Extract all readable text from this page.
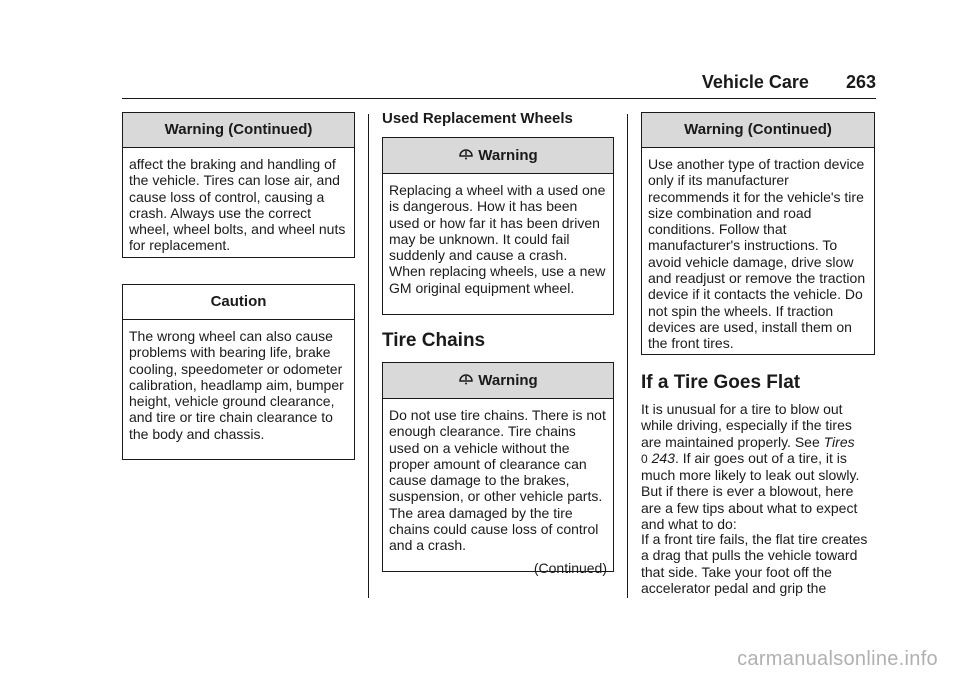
Vehicle Care 263
Warning (Continued)
affect the braking and handling of the vehicle. Tires can lose air, and cause loss of control, causing a crash. Always use the correct wheel, wheel bolts, and wheel nuts for replacement.
Caution
The wrong wheel can also cause problems with bearing life, brake cooling, speedometer or odometer calibration, headlamp aim, bumper height, vehicle ground clearance, and tire or tire chain clearance to the body and chassis.
Used Replacement Wheels
Warning
Replacing a wheel with a used one is dangerous. How it has been used or how far it has been driven may be unknown. It could fail suddenly and cause a crash. When replacing wheels, use a new GM original equipment wheel.
Tire Chains
Warning
Do not use tire chains. There is not enough clearance. Tire chains used on a vehicle without the proper amount of clearance can cause damage to the brakes, suspension, or other vehicle parts. The area damaged by the tire chains could cause loss of control and a crash.
(Continued)
Warning (Continued)
Use another type of traction device only if its manufacturer recommends it for the vehicle's tire size combination and road conditions. Follow that manufacturer's instructions. To avoid vehicle damage, drive slow and readjust or remove the traction device if it contacts the vehicle. Do not spin the wheels. If traction devices are used, install them on the front tires.
If a Tire Goes Flat
It is unusual for a tire to blow out while driving, especially if the tires are maintained properly. See Tires
0 243. If air goes out of a tire, it is much more likely to leak out slowly. But if there is ever a blowout, here are a few tips about what to expect and what to do:
If a front tire fails, the flat tire creates a drag that pulls the vehicle toward that side. Take your foot off the accelerator pedal and grip the
carmanualsonline.info
